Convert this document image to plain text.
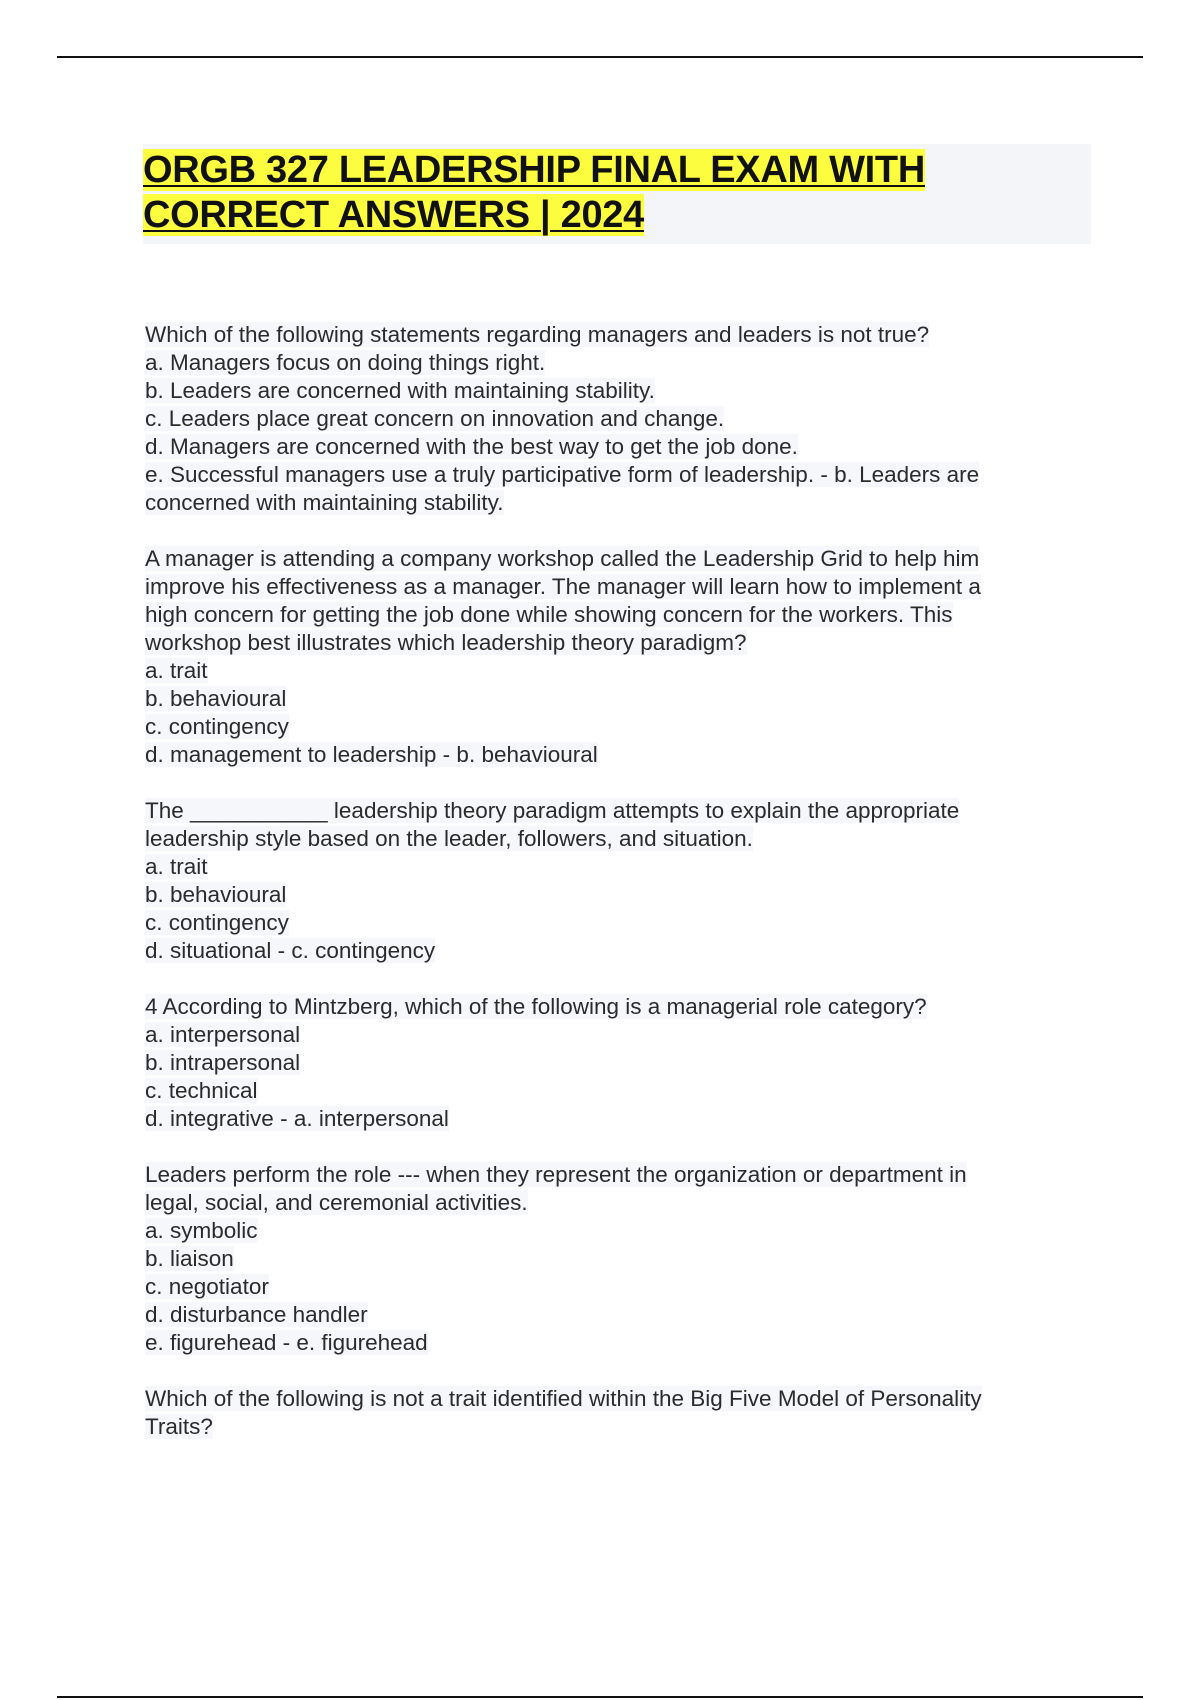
ORGB 327 LEADERSHIP FINAL EXAM WITH
CORRECT ANSWERS | 2024
Which of the following statements regarding managers and leaders is not true?
a. Managers focus on doing things right.
b. Leaders are concerned with maintaining stability.
c. Leaders place great concern on innovation and change.
d. Managers are concerned with the best way to get the job done.
e. Successful managers use a truly participative form of leadership. - b. Leaders are
concerned with maintaining stability.
A manager is attending a company workshop called the Leadership Grid to help him
improve his effectiveness as a manager. The manager will learn how to implement a
high concern for getting the job done while showing concern for the workers. This
workshop best illustrates which leadership theory paradigm?
a. trait
b. behavioural
c. contingency
d. management to leadership - b. behavioural
The ___________ leadership theory paradigm attempts to explain the appropriate
leadership style based on the leader, followers, and situation.
a. trait
b. behavioural
c. contingency
d. situational - c. contingency
4 According to Mintzberg, which of the following is a managerial role category?
a. interpersonal
b. intrapersonal
c. technical
d. integrative - a. interpersonal
Leaders perform the role --- when they represent the organization or department in
legal, social, and ceremonial activities.
a. symbolic
b. liaison
c. negotiator
d. disturbance handler
e. figurehead - e. figurehead
Which of the following is not a trait identified within the Big Five Model of Personality
Traits?
